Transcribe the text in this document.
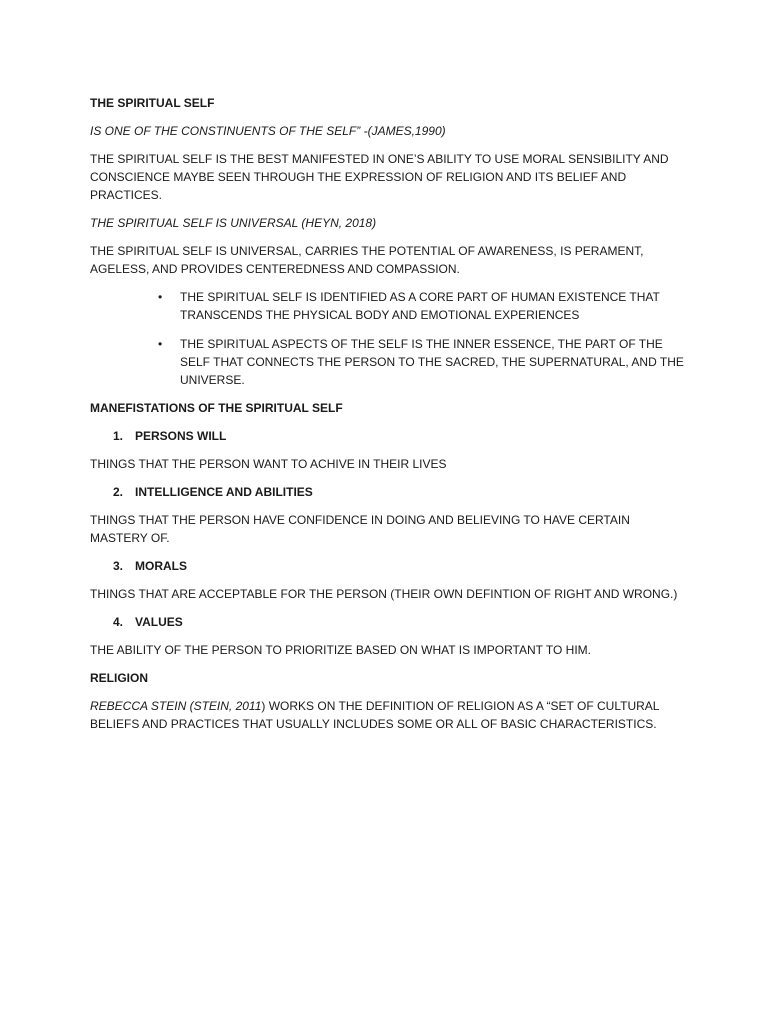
THE SPIRITUAL SELF

IS ONE OF THE CONSTINUENTS OF THE SELF” -(JAMES,1990)

THE SPIRITUAL SELF IS THE BEST MANIFESTED IN ONE’S ABILITY TO USE MORAL SENSIBILITY AND CONSCIENCE MAYBE SEEN THROUGH THE EXPRESSION OF RELIGION AND ITS BELIEF AND PRACTICES.

THE SPIRITUAL SELF IS UNIVERSAL (HEYN, 2018)

THE SPIRITUAL SELF IS UNIVERSAL, CARRIES THE POTENTIAL OF AWARENESS, IS PERAMENT, AGELESS, AND PROVIDES CENTEREDNESS AND COMPASSION.

• THE SPIRITUAL SELF IS IDENTIFIED AS A CORE PART OF HUMAN EXISTENCE THAT TRANSCENDS THE PHYSICAL BODY AND EMOTIONAL EXPERIENCES
• THE SPIRITUAL ASPECTS OF THE SELF IS THE INNER ESSENCE, THE PART OF THE SELF THAT CONNECTS THE PERSON TO THE SACRED, THE SUPERNATURAL, AND THE UNIVERSE.

MANEFISTATIONS OF THE SPIRITUAL SELF

1. PERSONS WILL

THINGS THAT THE PERSON WANT TO ACHIVE IN THEIR LIVES

2. INTELLIGENCE AND ABILITIES

THINGS THAT THE PERSON HAVE CONFIDENCE IN DOING AND BELIEVING TO HAVE CERTAIN MASTERY OF.

3. MORALS

THINGS THAT ARE ACCEPTABLE FOR THE PERSON (THEIR OWN DEFINTION OF RIGHT AND WRONG.)

4. VALUES

THE ABILITY OF THE PERSON TO PRIORITIZE BASED ON WHAT IS IMPORTANT TO HIM.

RELIGION

REBECCA STEIN (STEIN, 2011) WORKS ON THE DEFINITION OF RELIGION AS A “SET OF CULTURAL BELIEFS AND PRACTICES THAT USUALLY INCLUDES SOME OR ALL OF BASIC CHARACTERISTICS.
